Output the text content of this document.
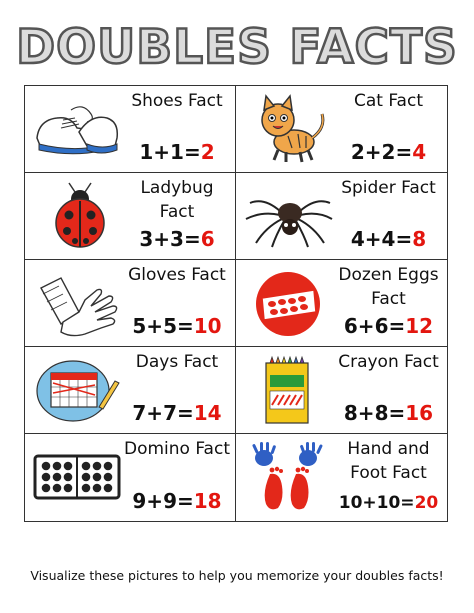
DOUBLES FACTS
Shoes Fact
1+1=2
Cat Fact
2+2=4
Ladybug Fact
3+3=6
Spider Fact
4+4=8
Gloves Fact
5+5=10
Dozen Eggs Fact
6+6=12
Days Fact
7+7=14
Crayon Fact
8+8=16
Domino Fact
9+9=18
Hand and Foot Fact
10+10=20
Visualize these pictures to help you memorize your doubles facts!
